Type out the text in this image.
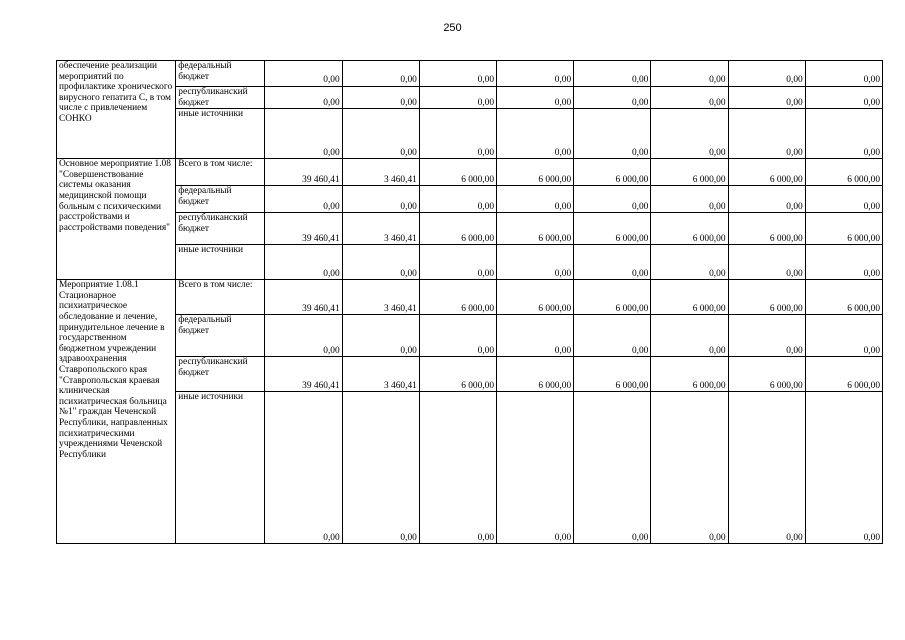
250
обеспечение реализации мероприятий по профилактике хронического вирусного гепатита С, в том числе с привлечением СОНКО	федеральный бюджет	0,00	0,00	0,00	0,00	0,00	0,00	0,00	0,00
	республиканский бюджет	0,00	0,00	0,00	0,00	0,00	0,00	0,00	0,00
	иные источники	0,00	0,00	0,00	0,00	0,00	0,00	0,00	0,00
Основное мероприятие 1.08 "Совершенствование системы оказания медицинской помощи больным с психическими расстройствами и расстройствами поведения"	Всего в том числе:	39 460,41	3 460,41	6 000,00	6 000,00	6 000,00	6 000,00	6 000,00	6 000,00
	федеральный бюджет	0,00	0,00	0,00	0,00	0,00	0,00	0,00	0,00
	республиканский бюджет	39 460,41	3 460,41	6 000,00	6 000,00	6 000,00	6 000,00	6 000,00	6 000,00
	иные источники	0,00	0,00	0,00	0,00	0,00	0,00	0,00	0,00
Мероприятие 1.08.1 Стационарное психиатрическое обследование и лечение, принудительное лечение в государственном бюджетном учреждении здравоохранения Ставропольского края "Ставропольская краевая клиническая психиатрическая больница №1" граждан Чеченской Республики, направленных психиатрическими учреждениями Чеченской Республики	Всего в том числе:	39 460,41	3 460,41	6 000,00	6 000,00	6 000,00	6 000,00	6 000,00	6 000,00
	федеральный бюджет	0,00	0,00	0,00	0,00	0,00	0,00	0,00	0,00
	республиканский бюджет	39 460,41	3 460,41	6 000,00	6 000,00	6 000,00	6 000,00	6 000,00	6 000,00
	иные источники	0,00	0,00	0,00	0,00	0,00	0,00	0,00	0,00
